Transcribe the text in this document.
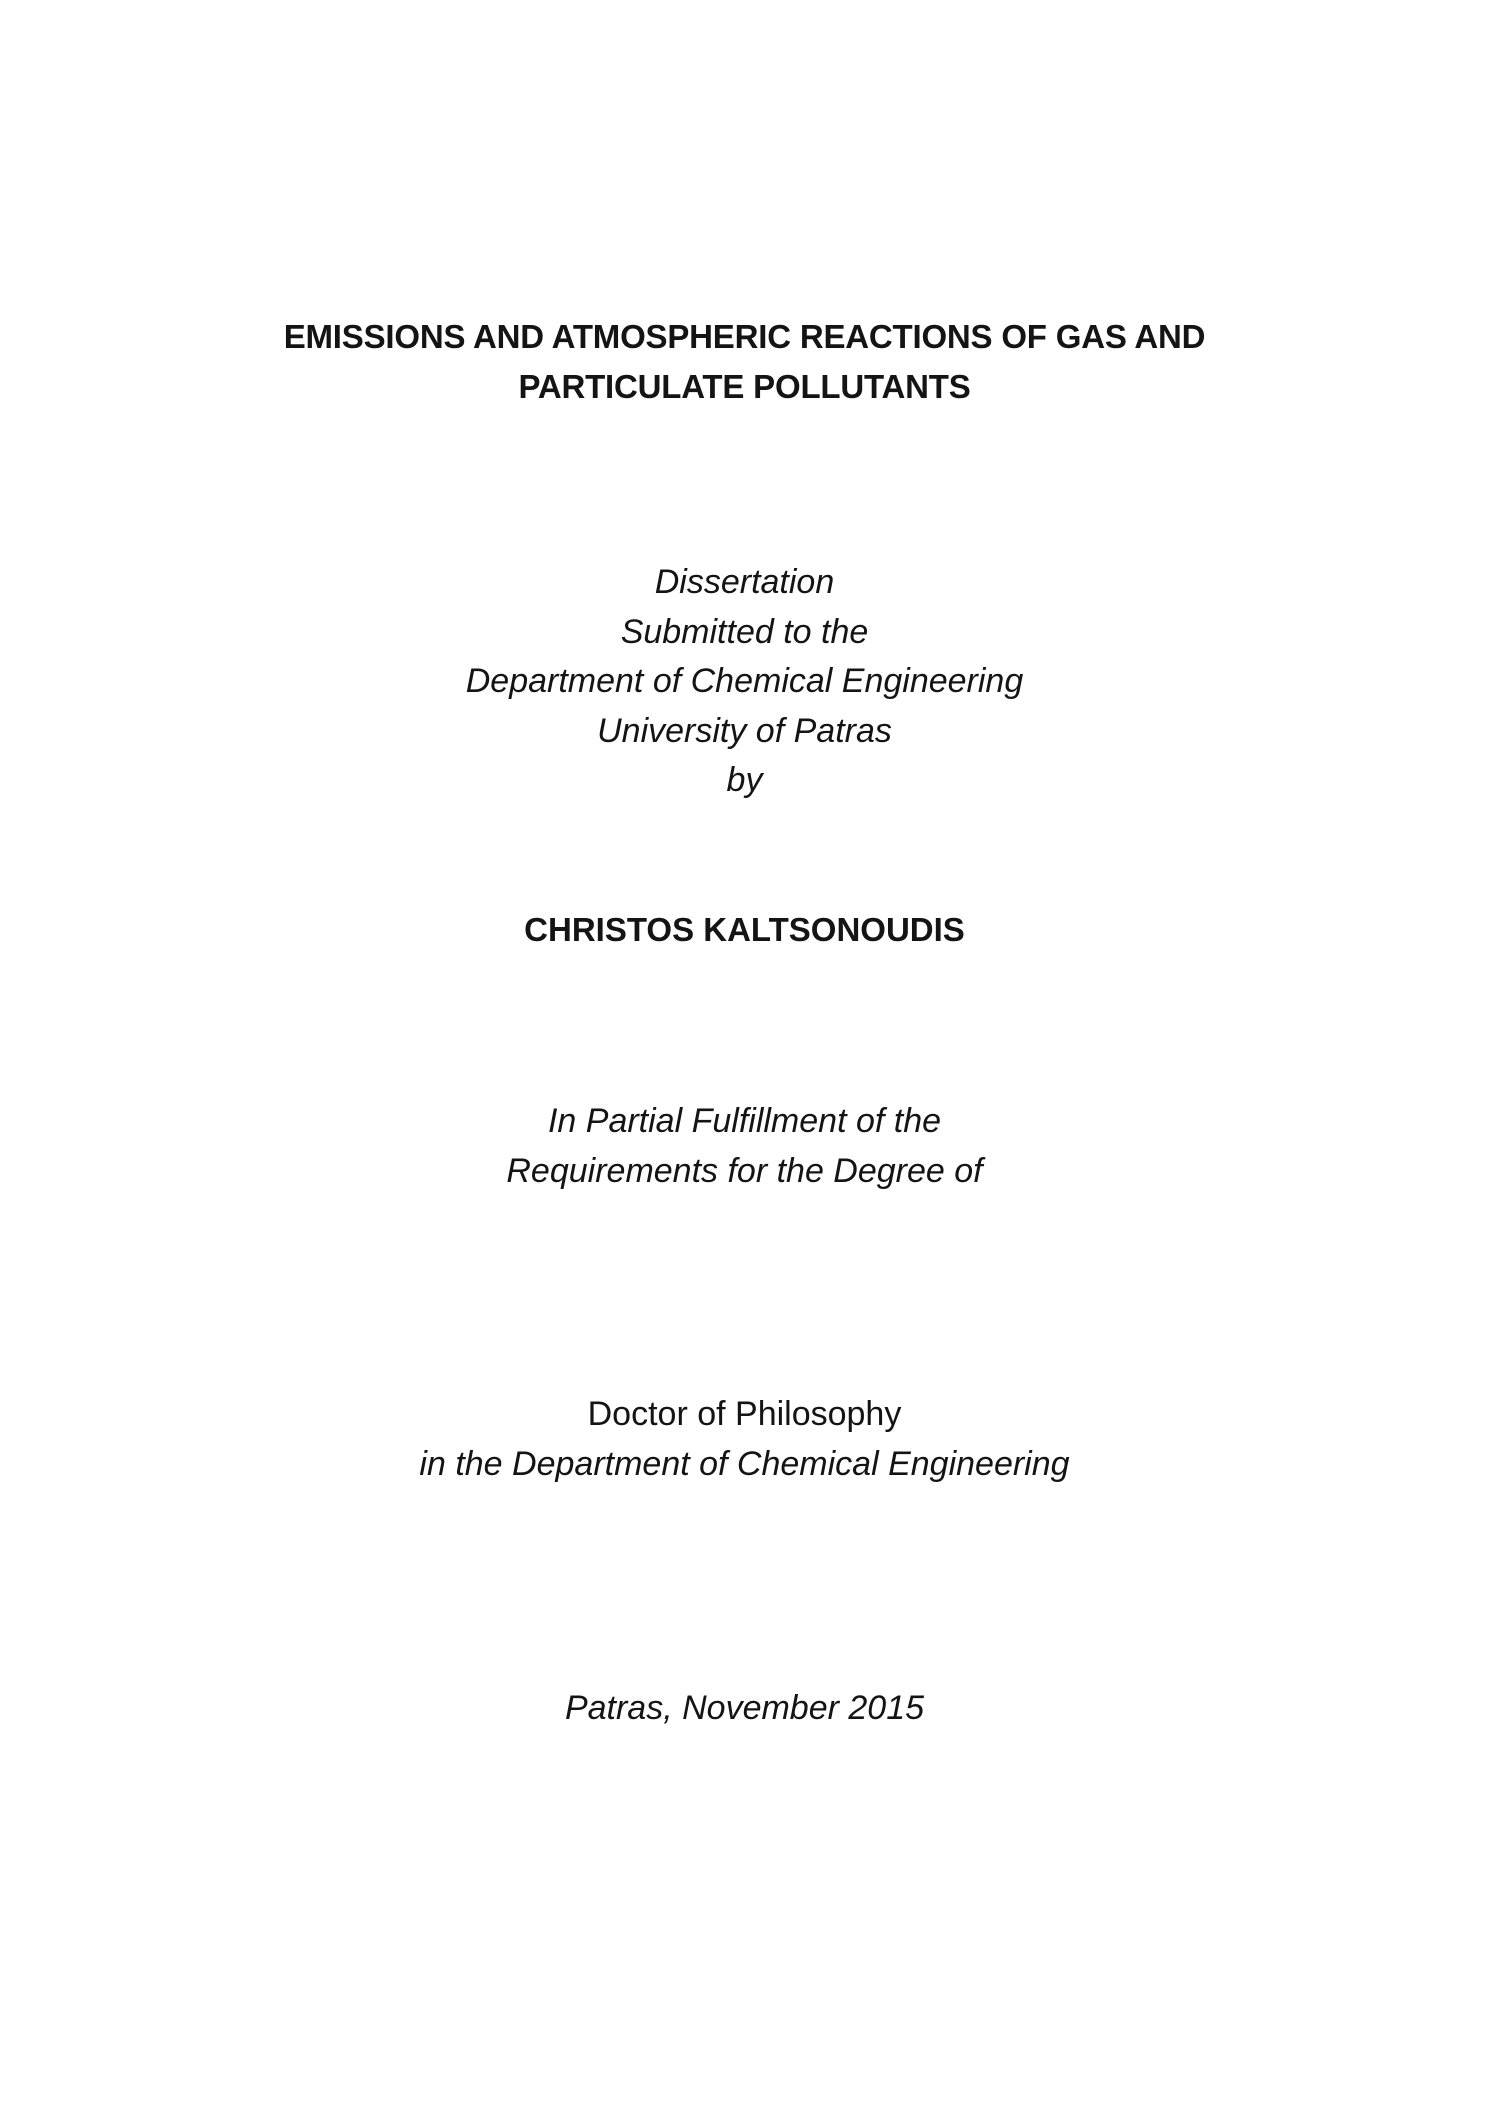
EMISSIONS AND ATMOSPHERIC REACTIONS OF GAS AND
PARTICULATE POLLUTANTS
Dissertation
Submitted to the
Department of Chemical Engineering
University of Patras
by
CHRISTOS KALTSONOUDIS
In Partial Fulfillment of the
Requirements for the Degree of
Doctor of Philosophy
in the Department of Chemical Engineering
Patras, November 2015
